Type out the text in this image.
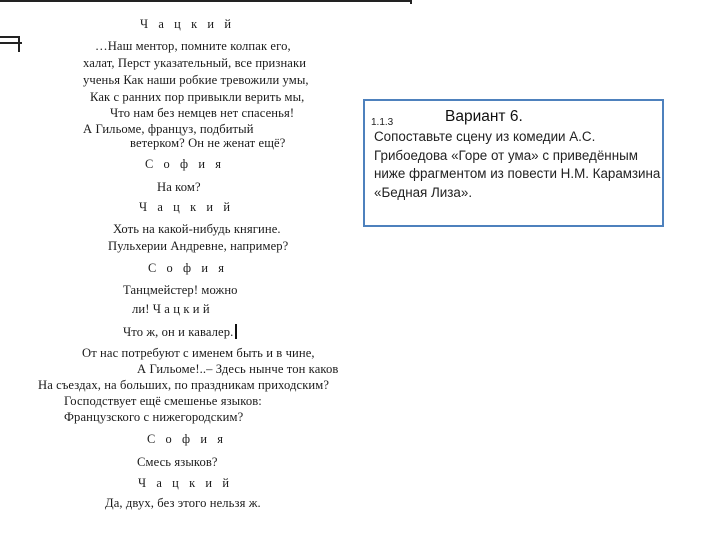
Ч а ц к и й
…Наш ментор, помните колпак его,
халат, Перст указательный, все признаки
ученья Как наши робкие тревожили умы,
Как с ранних пор привыкли верить мы,
Что нам без немцев нет спасенья!
А Гильоме, француз, подбитый
ветерком? Он не женат ещё?
С о ф и я
На ком?
Ч а ц к и й
Хоть на какой-нибудь княгине.
Пульхерии Андревне, например?
С о ф и я
Танцмейстер! можно
ли! Ч а ц к и й
Что ж, он и кавалер.
От нас потребуют с именем быть и в чине,
А Гильоме!..– Здесь нынче тон каков
На съездах, на больших, по праздникам приходским?
Господствует ещё смешенье языков:
Французского с нижегородским?
С о ф и я
Смесь языков?
Ч а ц к и й
Да, двух, без этого нельзя ж.
1.1.3	Вариант 6.
Сопоставьте сцену из комедии А.С. Грибоедова «Горе от ума» с приведённым ниже фрагментом из повести Н.М. Карамзина «Бедная Лиза».
